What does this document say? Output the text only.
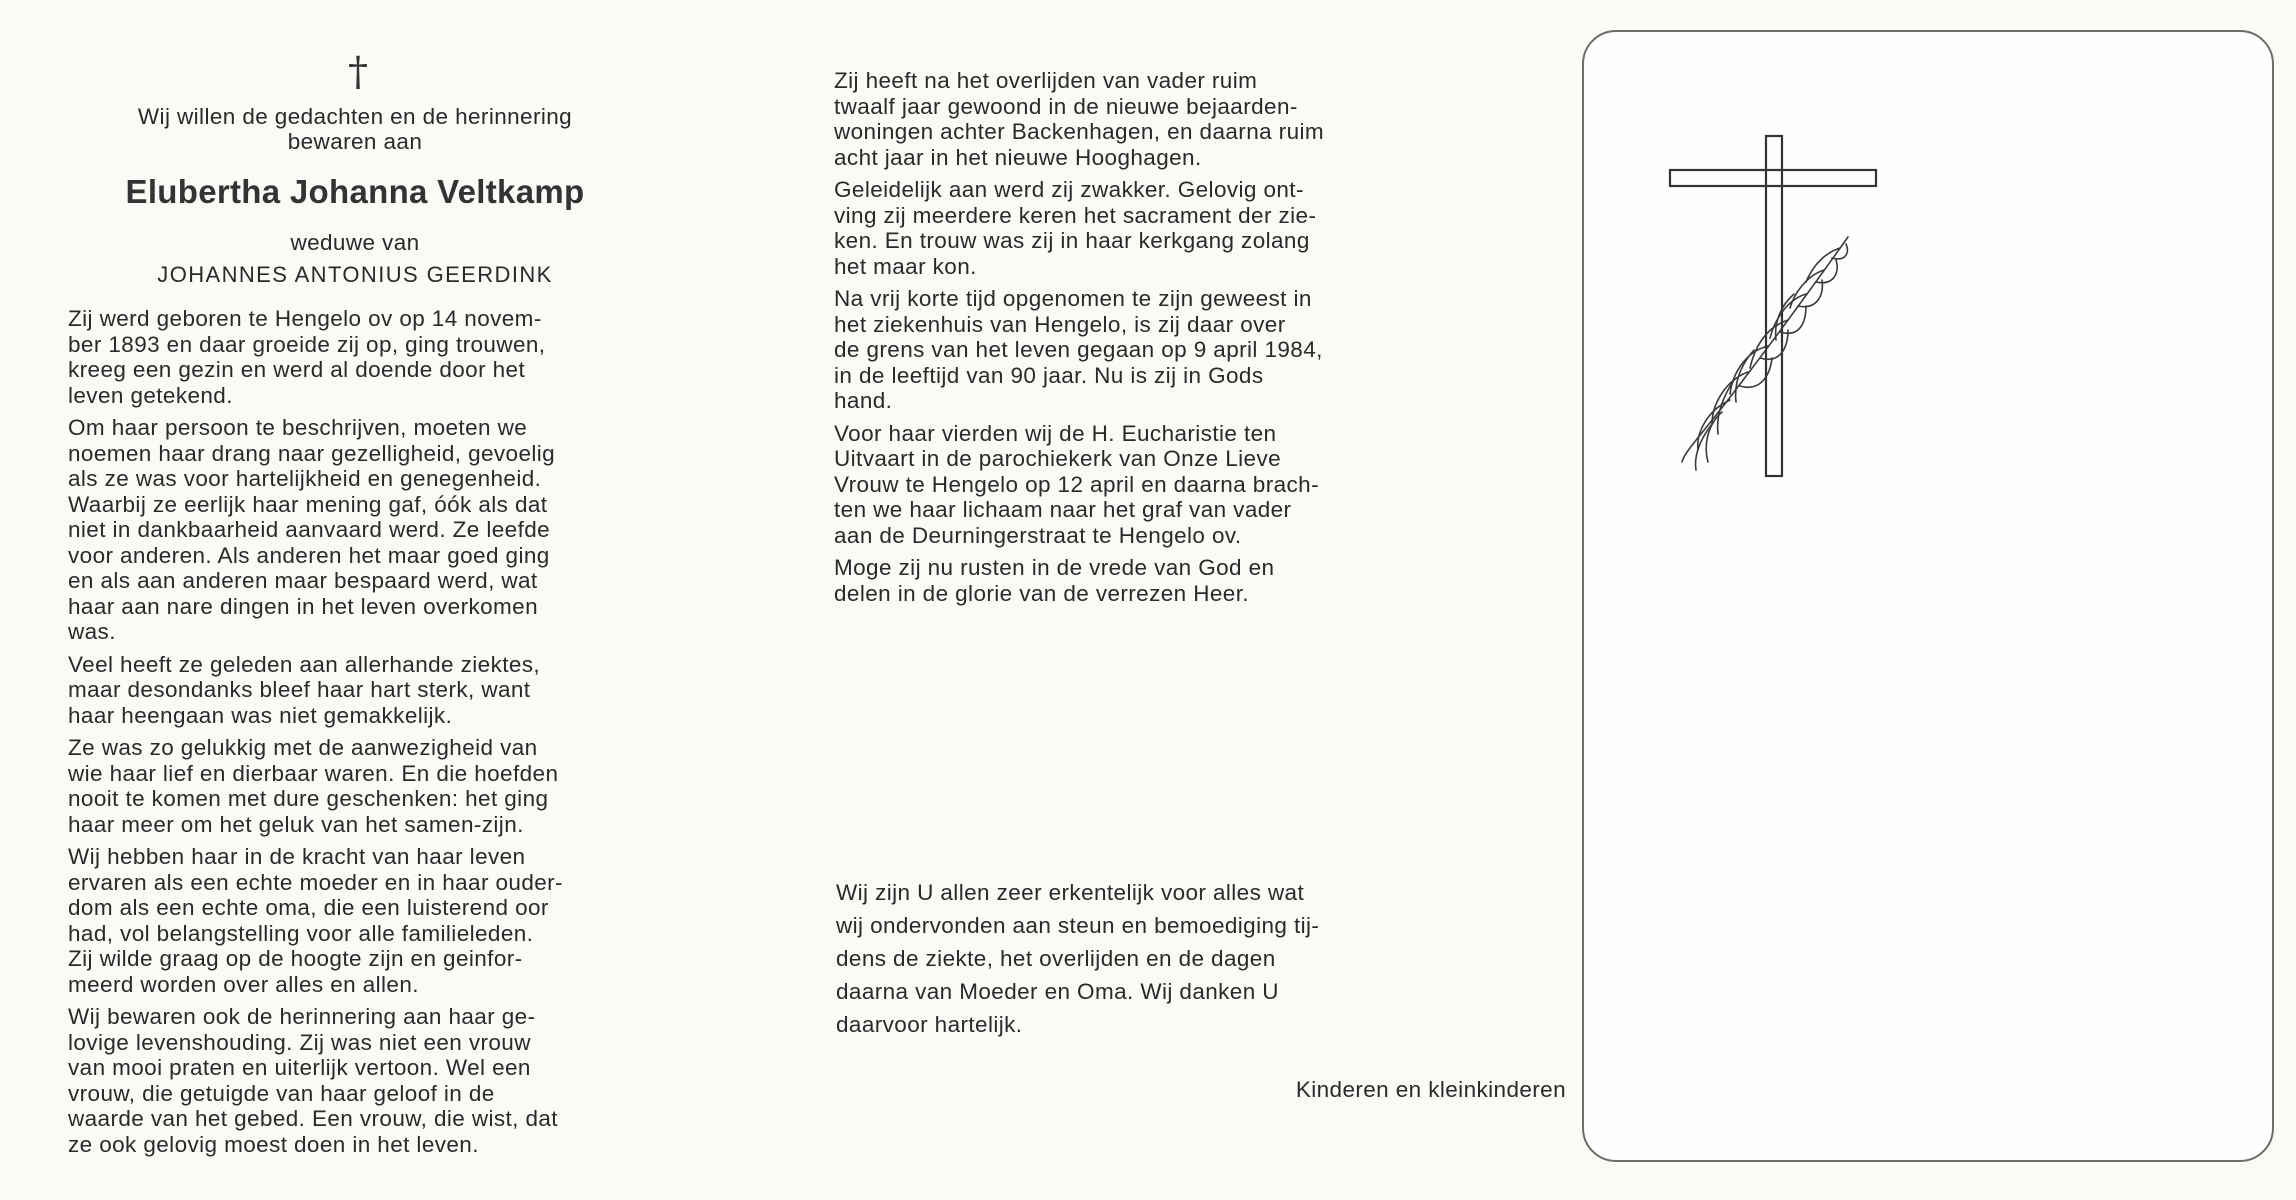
†
Wij willen de gedachten en de herinnering
bewaren aan
Elubertha Johanna Veltkamp
weduwe van
JOHANNES ANTONIUS GEERDINK

Zij werd geboren te Hengelo ov op 14 novem-
ber 1893 en daar groeide zij op, ging trouwen,
kreeg een gezin en werd al doende door het
leven getekend.

Om haar persoon te beschrijven, moeten we
noemen haar drang naar gezelligheid, gevoelig
als ze was voor hartelijkheid en genegenheid.
Waarbij ze eerlijk haar mening gaf, óók als dat
niet in dankbaarheid aanvaard werd. Ze leefde
voor anderen. Als anderen het maar goed ging
en als aan anderen maar bespaard werd, wat
haar aan nare dingen in het leven overkomen
was.

Veel heeft ze geleden aan allerhande ziektes,
maar desondanks bleef haar hart sterk, want
haar heengaan was niet gemakkelijk.

Ze was zo gelukkig met de aanwezigheid van
wie haar lief en dierbaar waren. En die hoefden
nooit te komen met dure geschenken: het ging
haar meer om het geluk van het samen-zijn.

Wij hebben haar in de kracht van haar leven
ervaren als een echte moeder en in haar ouder-
dom als een echte oma, die een luisterend oor
had, vol belangstelling voor alle familieleden.
Zij wilde graag op de hoogte zijn en geinfor-
meerd worden over alles en allen.

Wij bewaren ook de herinnering aan haar ge-
lovige levenshouding. Zij was niet een vrouw
van mooi praten en uiterlijk vertoon. Wel een
vrouw, die getuigde van haar geloof in de
waarde van het gebed. Een vrouw, die wist, dat
ze ook gelovig moest doen in het leven.

Zij heeft na het overlijden van vader ruim
twaalf jaar gewoond in de nieuwe bejaarden-
woningen achter Backenhagen, en daarna ruim
acht jaar in het nieuwe Hooghagen.

Geleidelijk aan werd zij zwakker. Gelovig ont-
ving zij meerdere keren het sacrament der zie-
ken. En trouw was zij in haar kerkgang zolang
het maar kon.

Na vrij korte tijd opgenomen te zijn geweest in
het ziekenhuis van Hengelo, is zij daar over
de grens van het leven gegaan op 9 april 1984,
in de leeftijd van 90 jaar. Nu is zij in Gods
hand.

Voor haar vierden wij de H. Eucharistie ten
Uitvaart in de parochiekerk van Onze Lieve
Vrouw te Hengelo op 12 april en daarna brach-
ten we haar lichaam naar het graf van vader
aan de Deurningerstraat te Hengelo ov.

Moge zij nu rusten in de vrede van God en
delen in de glorie van de verrezen Heer.

Wij zijn U allen zeer erkentelijk voor alles wat
wij ondervonden aan steun en bemoediging tij-
dens de ziekte, het overlijden en de dagen
daarna van Moeder en Oma. Wij danken U
daarvoor hartelijk.

Kinderen en kleinkinderen
